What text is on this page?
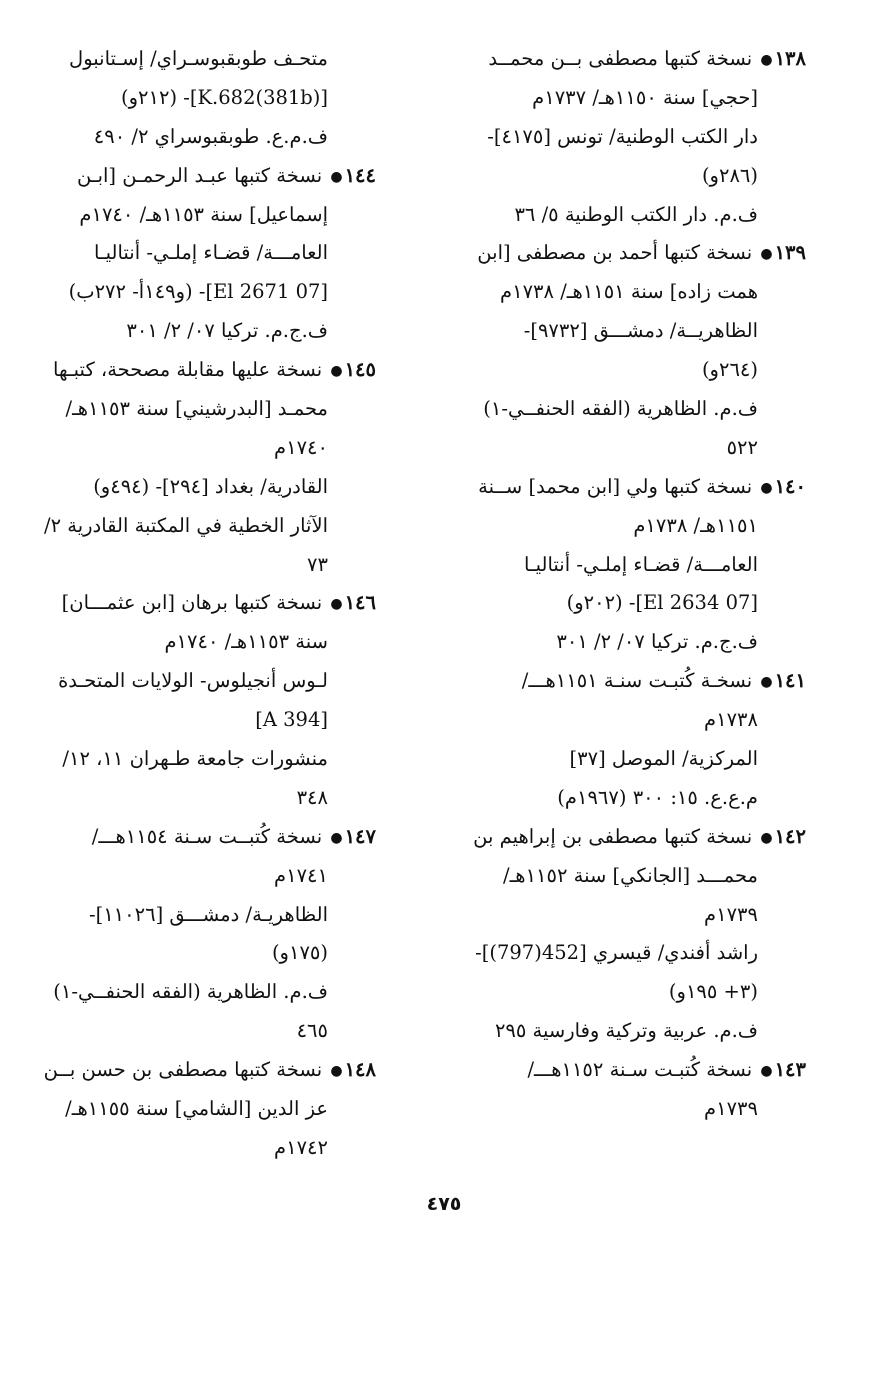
١٣٨● نسخة كتبها مصطفى بــن محمــد
[حجي] سنة ١١٥٠هـ/ ١٧٣٧م
دار الكتب الوطنية/ تونس [٤١٧٥]-
(٢٨٦و)
ف.م. دار الكتب الوطنية ٥/ ٣٦
١٣٩● نسخة كتبها أحمد بن مصطفى [ابن
همت زاده] سنة ١١٥١هـ/ ١٧٣٨م
الظاهريــة/ دمشـــق [٩٧٣٢]-
(٢٦٤و)
ف.م. الظاهرية (الفقه الحنفــي-١)
٥٢٢
١٤٠● نسخة كتبها ولي [ابن محمد] ســنة
١١٥١هـ/ ١٧٣٨م
العامـــة/ قضـاء إملـي- أنتاليـا
[07 El 2634]- (٢٠٢و)
ف.ج.م. تركيا ٠٧/ ٢/ ٣٠١
١٤١● نسخـة كُتبـت سنـة ١١٥١هـــ/
١٧٣٨م
المركزية/ الموصل [٣٧]
م.ع.ع. ١٥: ٣٠٠ (١٩٦٧م)
١٤٢● نسخة كتبها مصطفى بن إبراهيم بن
محمـــد [الجانكي] سنة ١١٥٢هـ/
١٧٣٩م
راشد أفندي/ قيسري [452(797)]-
(٣+ ١٩٥و)
ف.م. عربية وتركية وفارسية ٢٩٥
١٤٣● نسخة كُتبـت سـنة ١١٥٢هـــ/
١٧٣٩م
متحـف طوبقبوسـراي/ إسـتانبول
[K.682(381b)]- (٢١٢و)
ف.م.ع. طوبقبوسراي ٢/ ٤٩٠
١٤٤● نسخة كتبها عبـد الرحمـن [ابـن
إسماعيل] سنة ١١٥٣هـ/ ١٧٤٠م
العامـــة/ قضـاء إملـي- أنتاليـا
[07 El 2671]- (و١٤٩أ- ٢٧٢ب)
ف.ج.م. تركيا ٠٧/ ٢/ ٣٠١
١٤٥● نسخة عليها مقابلة مصححة، كتبـها
محمـد [البدرشيني] سنة ١١٥٣هـ/
١٧٤٠م
القادرية/ بغداد [٢٩٤]- (٤٩٤و)
الآثار الخطية في المكتبة القادرية ٢/
٧٣
١٤٦● نسخة كتبها برهان [ابن عثمـــان]
سنة ١١٥٣هـ/ ١٧٤٠م
لـوس أنجيلوس- الولايات المتحـدة
[A 394]
منشورات جامعة طـهران ١١، ١٢/
٣٤٨
١٤٧● نسخة كُتبــت سـنة ١١٥٤هـــ/
١٧٤١م
الظاهريـة/ دمشـــق [١١٠٢٦]-
(١٧٥و)
ف.م. الظاهرية (الفقه الحنفــي-١)
٤٦٥
١٤٨● نسخة كتبها مصطفى بن حسن بــن
عز الدين [الشامي] سنة ١١٥٥هـ/
١٧٤٢م
٤٧٥
